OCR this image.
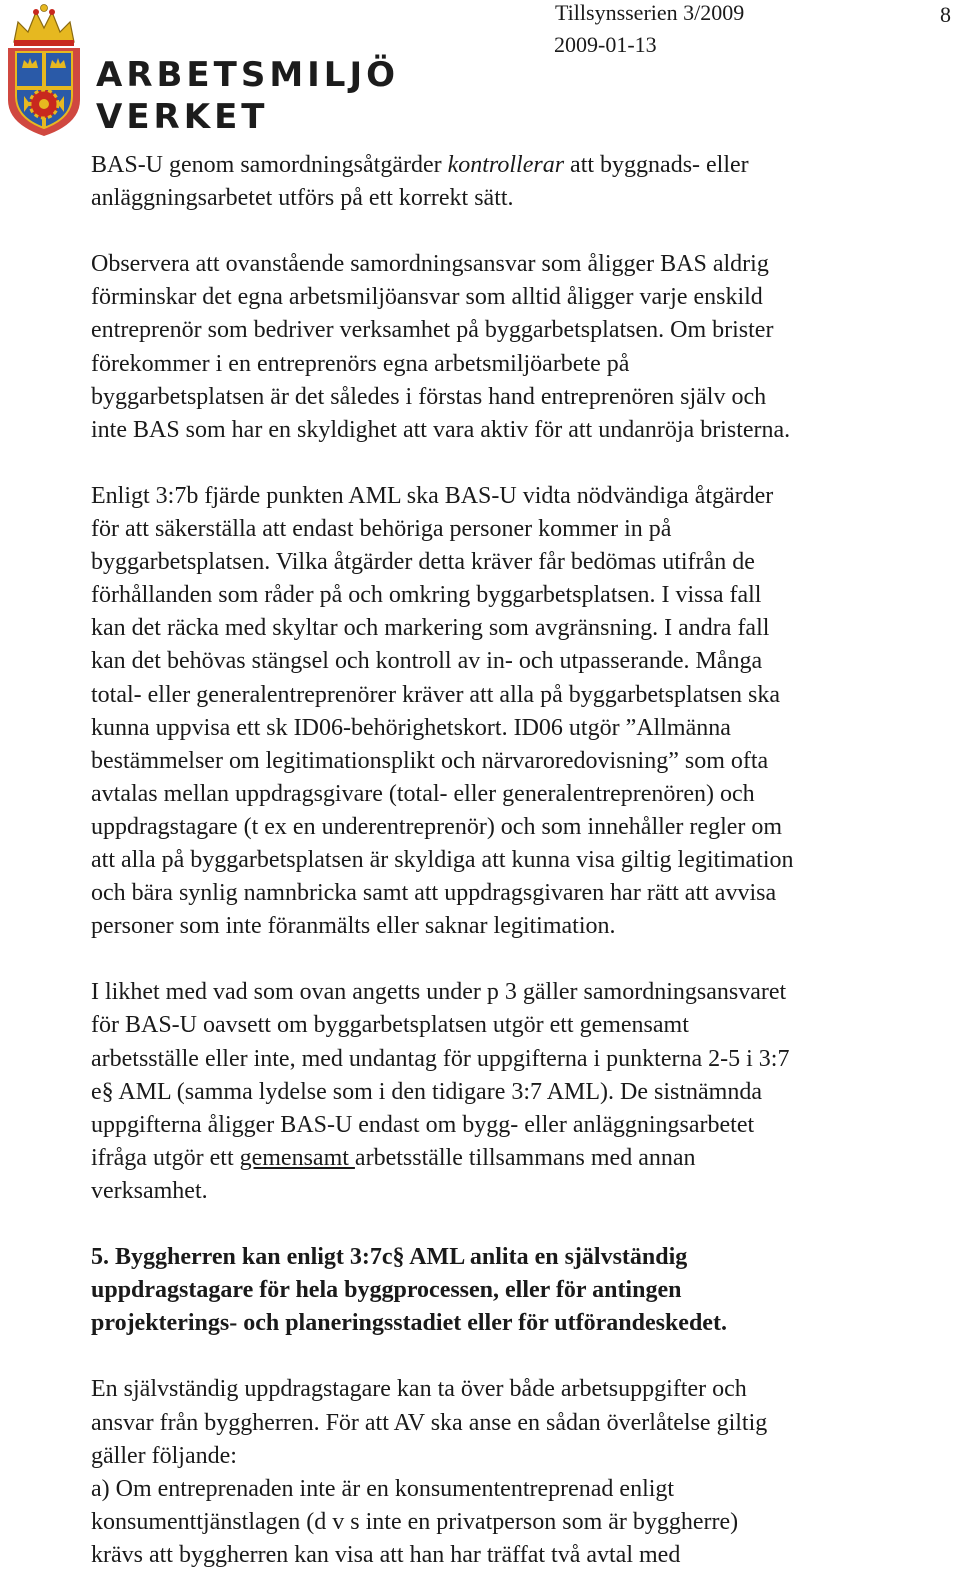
ARBETSMILJÖ
VERKET
Tillsynsserien 3/2009
2009-01-13
8

BAS-U genom samordningsåtgärder kontrollerar att byggnads- eller
anläggningsarbetet utförs på ett korrekt sätt.

Observera att ovanstående samordningsansvar som åligger BAS aldrig
förminskar det egna arbetsmiljöansvar som alltid åligger varje enskild
entreprenör som bedriver verksamhet på byggarbetsplatsen. Om brister
förekommer i en entreprenörs egna arbetsmiljöarbete på
byggarbetsplatsen är det således i förstas hand entreprenören själv och
inte BAS som har en skyldighet att vara aktiv för att undanröja bristerna.

Enligt 3:7b fjärde punkten AML ska BAS-U vidta nödvändiga åtgärder
för att säkerställa att endast behöriga personer kommer in på
byggarbetsplatsen. Vilka åtgärder detta kräver får bedömas utifrån de
förhållanden som råder på och omkring byggarbetsplatsen. I vissa fall
kan det räcka med skyltar och markering som avgränsning. I andra fall
kan det behövas stängsel och kontroll av in- och utpasserande. Många
total- eller generalentreprenörer kräver att alla på byggarbetsplatsen ska
kunna uppvisa ett sk ID06-behörighetskort. ID06 utgör ”Allmänna
bestämmelser om legitimationsplikt och närvaroredovisning” som ofta
avtalas mellan uppdragsgivare (total- eller generalentreprenören) och
uppdragstagare (t ex en underentreprenör) och som innehåller regler om
att alla på byggarbetsplatsen är skyldiga att kunna visa giltig legitimation
och bära synlig namnbricka samt att uppdragsgivaren har rätt att avvisa
personer som inte föranmälts eller saknar legitimation.

I likhet med vad som ovan angetts under p 3 gäller samordningsansvaret
för BAS-U oavsett om byggarbetsplatsen utgör ett gemensamt
arbetsställe eller inte, med undantag för uppgifterna i punkterna 2-5 i 3:7
e§ AML (samma lydelse som i den tidigare 3:7 AML). De sistnämnda
uppgifterna åligger BAS-U endast om bygg- eller anläggningsarbetet
ifråga utgör ett gemensamt arbetsställe tillsammans med annan
verksamhet.

5. Byggherren kan enligt 3:7c§ AML anlita en självständig
uppdragstagare för hela byggprocessen, eller för antingen
projekterings- och planeringsstadiet eller för utförandeskedet.

En självständig uppdragstagare kan ta över både arbetsuppgifter och
ansvar från byggherren. För att AV ska anse en sådan överlåtelse giltig
gäller följande:
a) Om entreprenaden inte är en konsumententreprenad enligt
konsumenttjänstlagen (d v s inte en privatperson som är byggherre)
krävs att byggherren kan visa att han har träffat två avtal med
